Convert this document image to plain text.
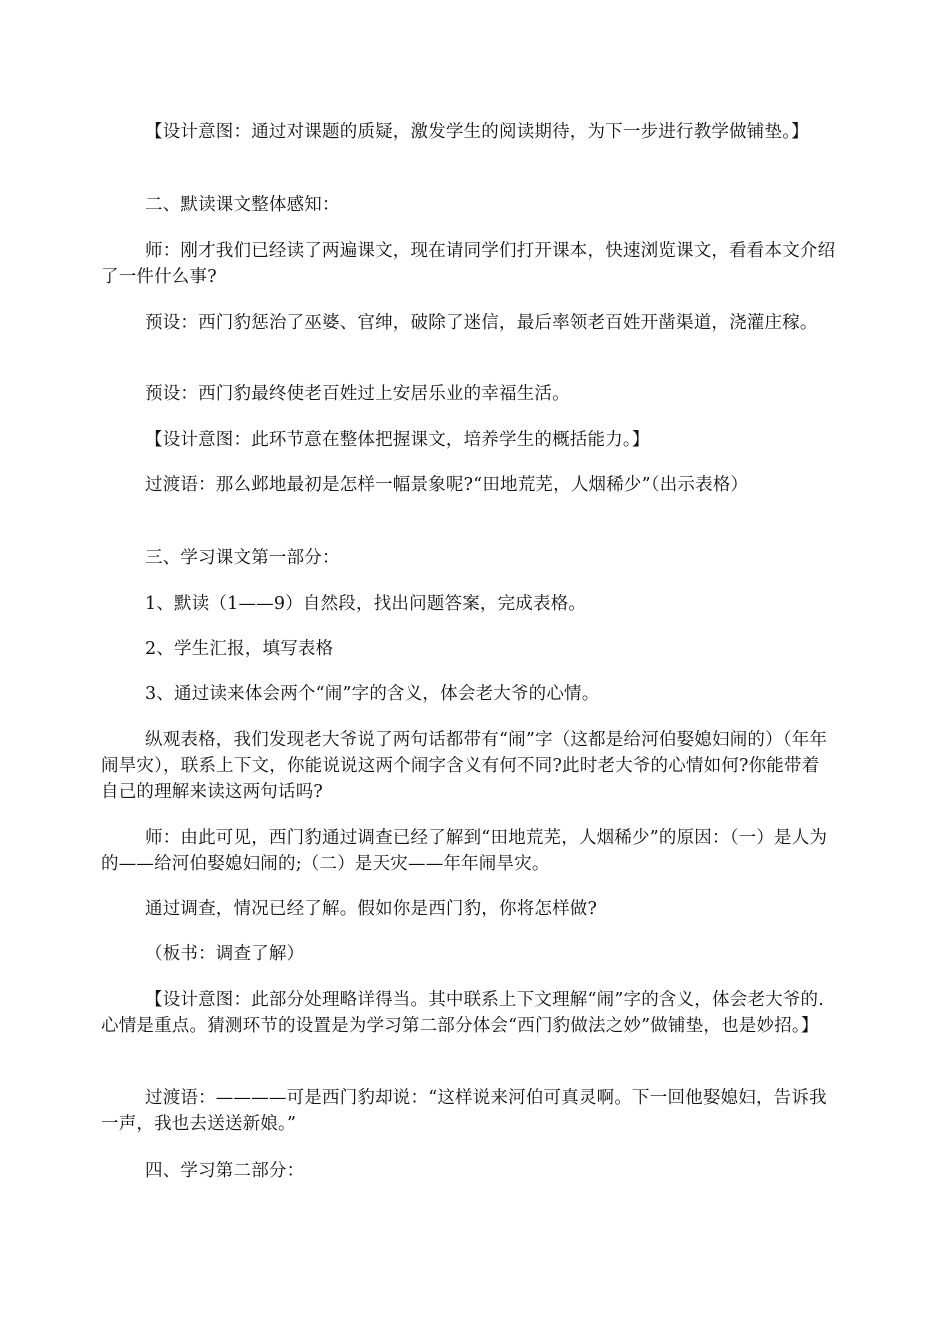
【设计意图：通过对课题的质疑，激发学生的阅读期待，为下一步进行教学做铺垫。】

二、默读课文整体感知：

师：刚才我们已经读了两遍课文，现在请同学们打开课本，快速浏览课文，看看本文介绍了一件什么事?

预设：西门豹惩治了巫婆、官绅，破除了迷信，最后率领老百姓开凿渠道，浇灌庄稼。

预设：西门豹最终使老百姓过上安居乐业的幸福生活。

【设计意图：此环节意在整体把握课文，培养学生的概括能力。】

过渡语：那么邺地最初是怎样一幅景象呢?“田地荒芜，人烟稀少”（出示表格）

三、学习课文第一部分：

1、默读（1——9）自然段，找出问题答案，完成表格。

2、学生汇报，填写表格

3、通过读来体会两个“闹”字的含义，体会老大爷的心情。

纵观表格，我们发现老大爷说了两句话都带有“闹”字（这都是给河伯娶媳妇闹的）（年年闹旱灾），联系上下文，你能说说这两个闹字含义有何不同?此时老大爷的心情如何?你能带着自己的理解来读这两句话吗?

师：由此可见，西门豹通过调查已经了解到“田地荒芜，人烟稀少”的原因：（一）是人为的——给河伯娶媳妇闹的;（二）是天灾——年年闹旱灾。

通过调查，情况已经了解。假如你是西门豹，你将怎样做?

（板书：调查了解）

【设计意图：此部分处理略详得当。其中联系上下文理解“闹”字的含义，体会老大爷的.心情是重点。猜测环节的设置是为学习第二部分体会“西门豹做法之妙”做铺垫，也是妙招。】

过渡语：————可是西门豹却说：“这样说来河伯可真灵啊。下一回他娶媳妇，告诉我一声，我也去送送新娘。”

四、学习第二部分：
